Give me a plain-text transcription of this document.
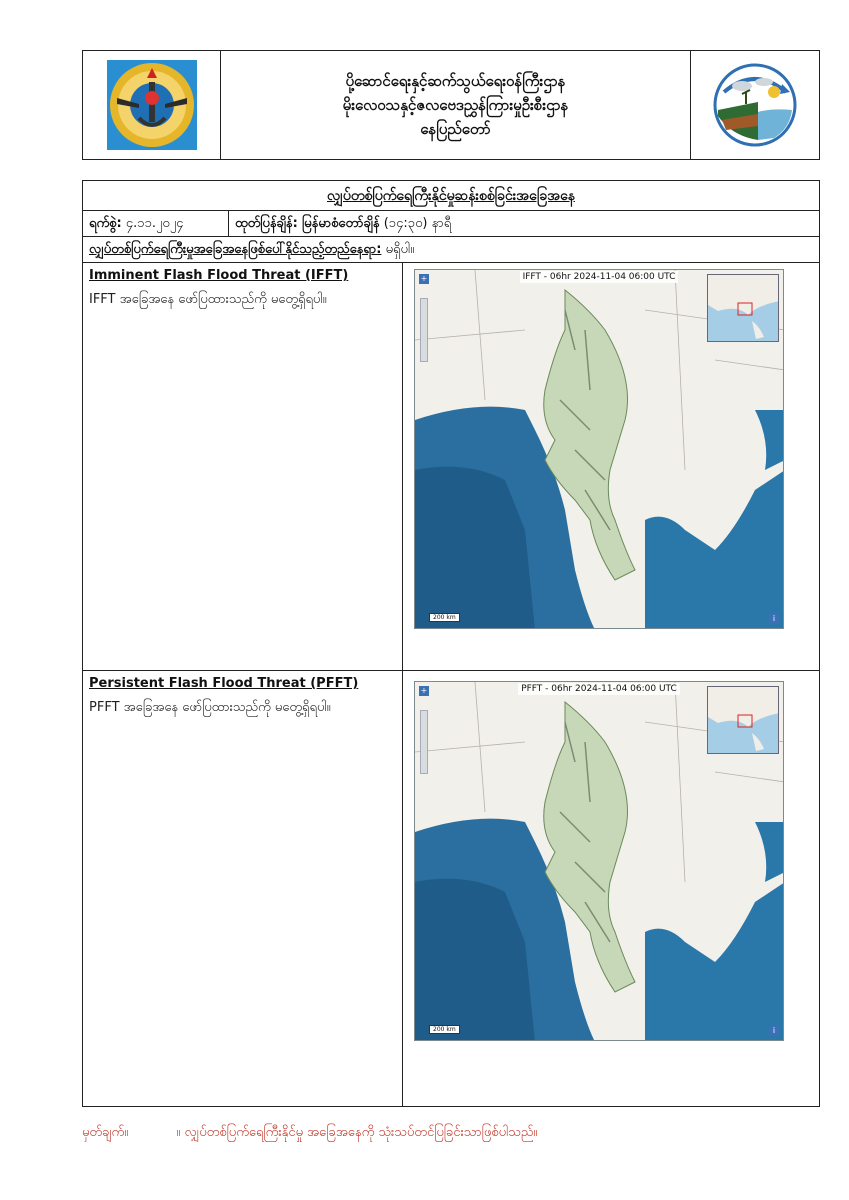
ပို့ဆောင်ရေးနှင့်ဆက်သွယ်ရေးဝန်ကြီးဌာန
မိုးလေဝသနှင့်ဇလဗေဒညွှန်ကြားမှုဦးစီးဌာန
နေပြည်တော်
လျှပ်တစ်ပြက်ရေကြီးနိုင်မှုဆန်းစစ်ခြင်းအခြေအနေ
ရက်စွဲ: ၄.၁၁.၂၀၂၄	ထုတ်ပြန်ချိန်: မြန်မာစံတော်ချိန် (၁၄:၃၀) နာရီ
လျှပ်တစ်ပြက်ရေကြီးမှုအခြေအနေဖြစ်ပေါ်နိုင်သည့်တည်နေရာ: မရှိပါ။
Imminent Flash Flood Threat (IFFT)
IFFT အခြေအနေ ဖော်ပြထားသည်ကို မတွေ့ရှိရပါ။
IFFT - 06hr 2024-11-04 06:00 UTC
+
200 km	i
Persistent Flash Flood Threat (PFFT)
PFFT အခြေအနေ ဖော်ပြထားသည်ကို မတွေ့ရှိရပါ။
PFFT - 06hr 2024-11-04 06:00 UTC
+
200 km	i
မှတ်ချက်။	။ လျှပ်တစ်ပြက်ရေကြီးနိုင်မှု အခြေအနေကို သုံးသပ်တင်ပြခြင်းသာဖြစ်ပါသည်။
